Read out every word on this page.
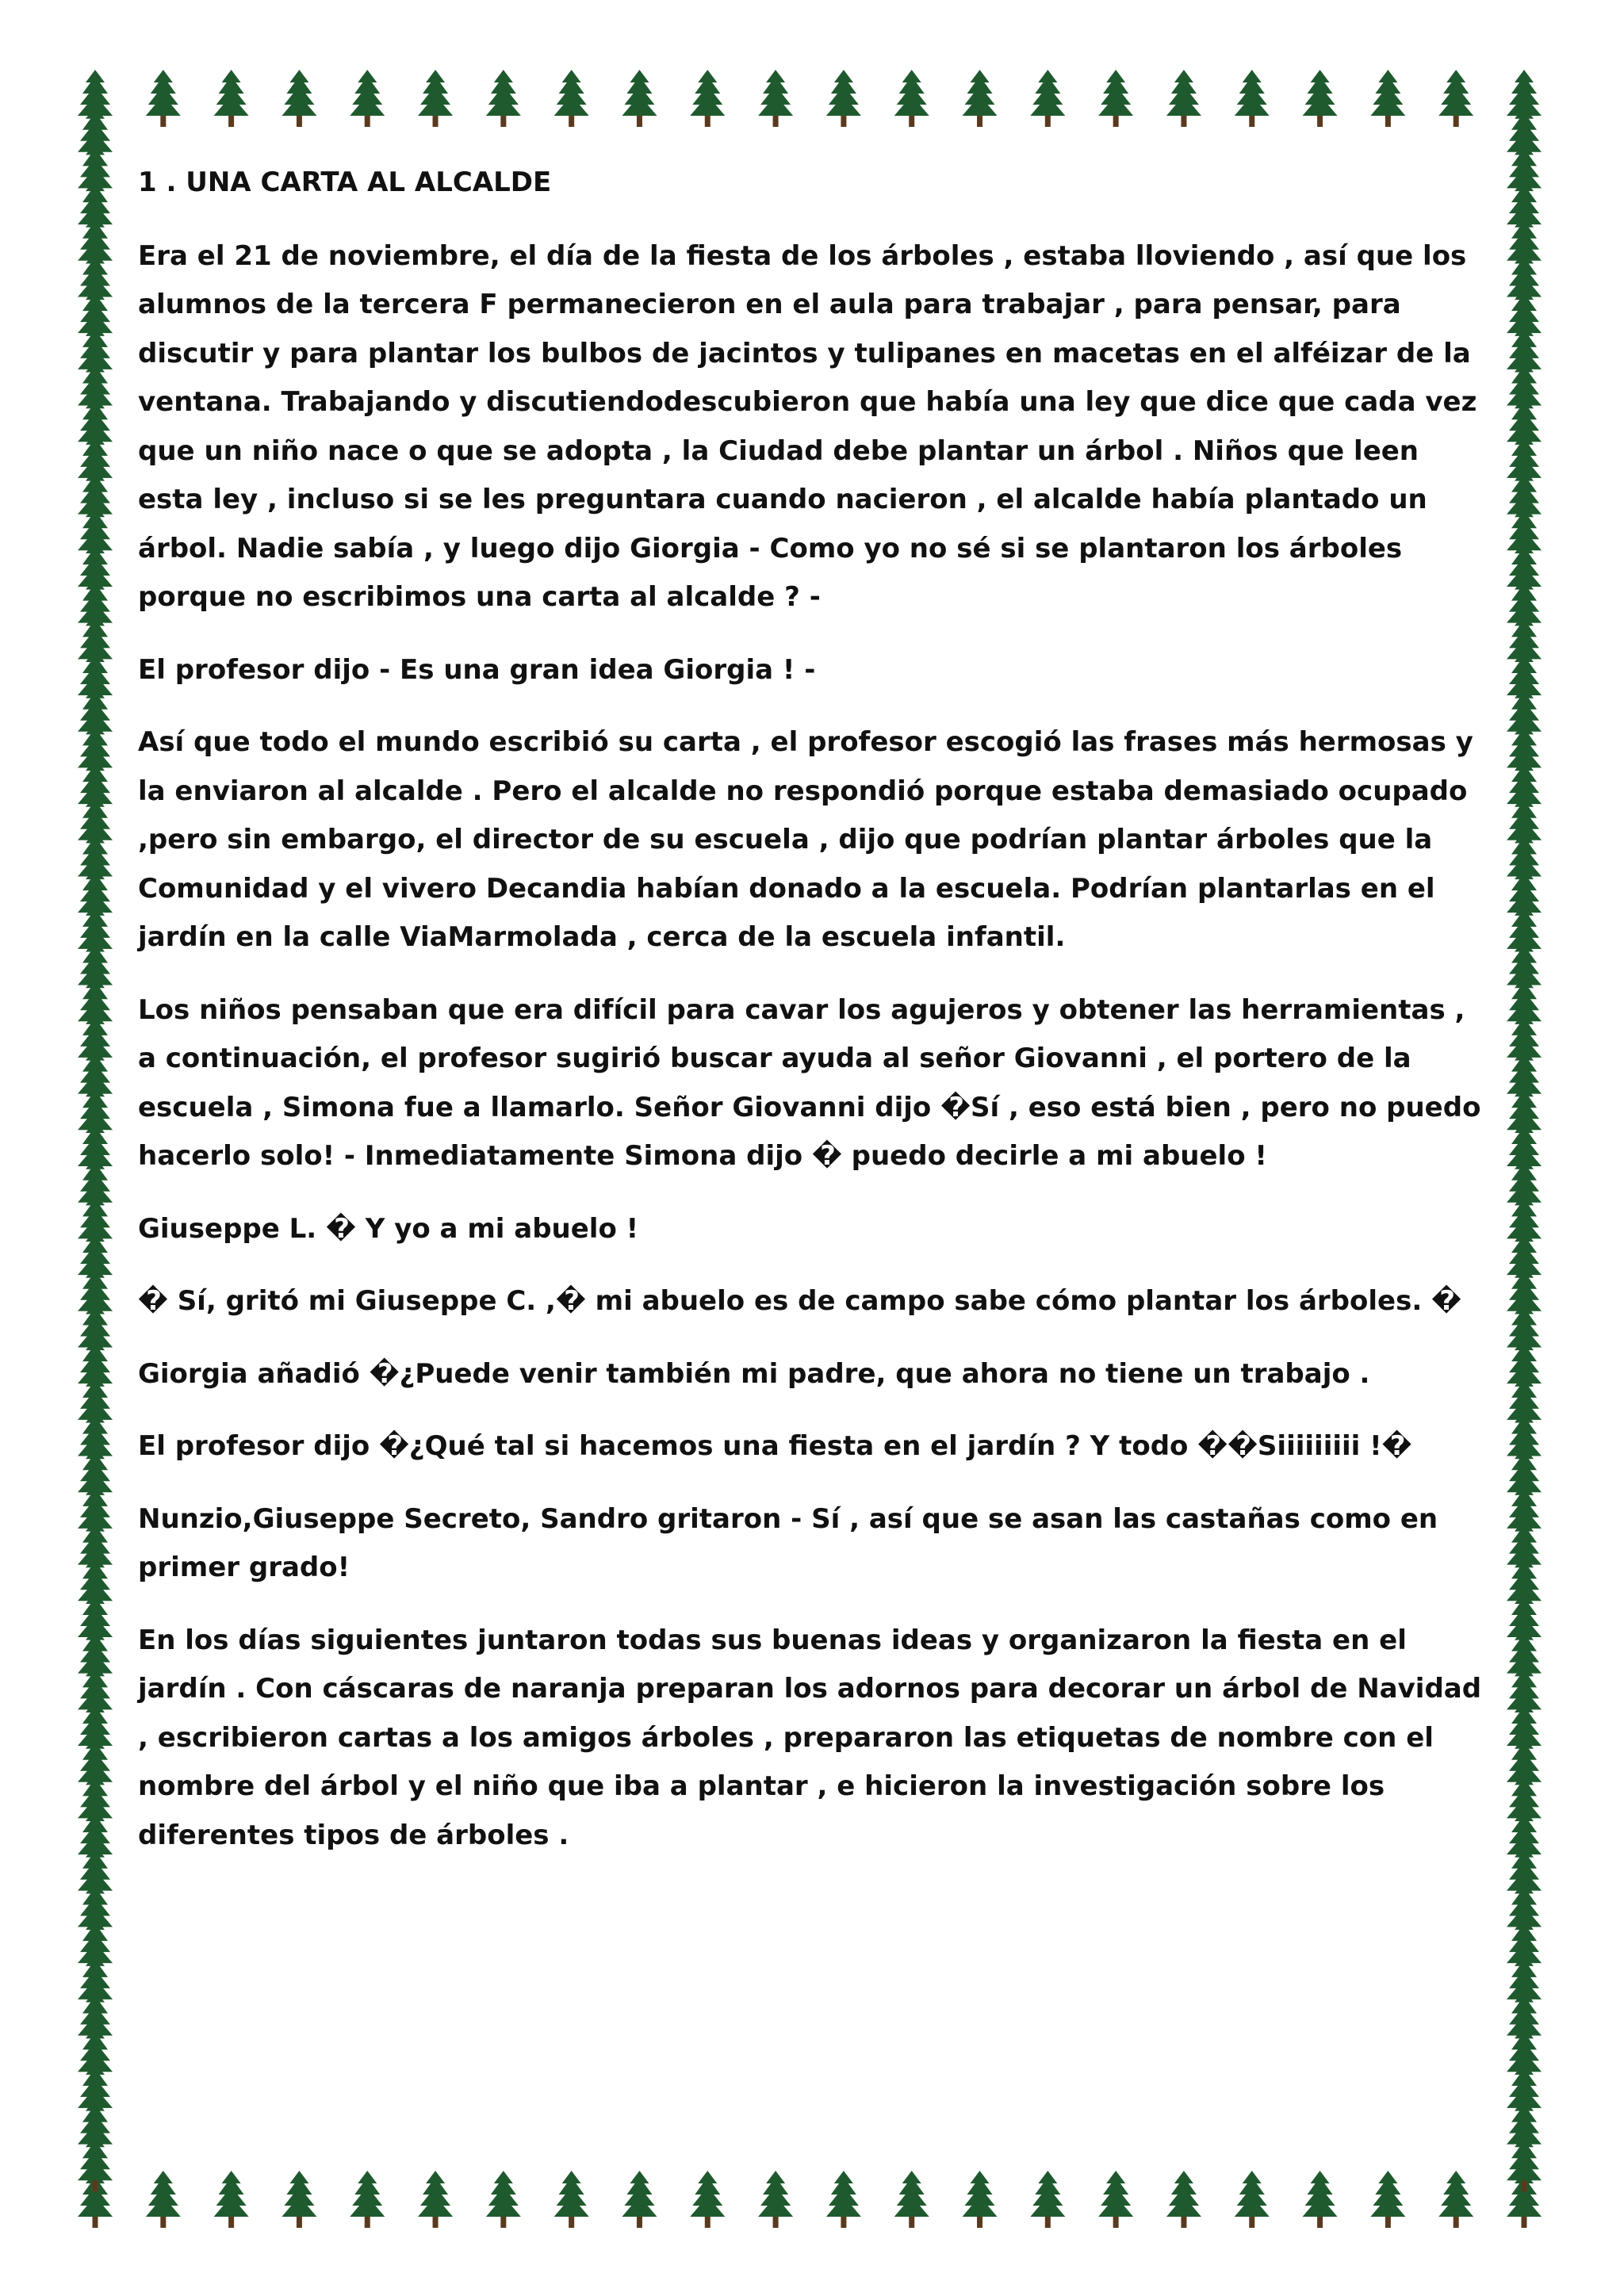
1 . UNA CARTA AL ALCALDE

Era el 21 de noviembre, el día de la fiesta de los árboles , estaba lloviendo , así que los alumnos de la tercera F permanecieron en el aula para trabajar , para pensar, para discutir y para plantar los bulbos de jacintos y tulipanes en macetas en el alféizar de la ventana. Trabajando y discutiendodescubieron que había una ley que dice que cada vez que un niño nace o que se adopta , la Ciudad debe plantar un árbol . Niños que leen esta ley , incluso si se les preguntara cuando nacieron , el alcalde había plantado un árbol. Nadie sabía , y luego dijo Giorgia - Como yo no sé si se plantaron los árboles porque no escribimos una carta al alcalde ? -

El profesor dijo - Es una gran idea Giorgia ! -

Así que todo el mundo escribió su carta , el profesor escogió las frases más hermosas y la enviaron al alcalde . Pero el alcalde no respondió porque estaba demasiado ocupado ,pero sin embargo, el director de su escuela , dijo que podrían plantar árboles que la Comunidad y el vivero Decandia habían donado a la escuela. Podrían plantarlas en el jardín en la calle ViaMarmolada , cerca de la escuela infantil.

Los niños pensaban que era difícil para cavar los agujeros y obtener las herramientas , a continuación, el profesor sugirió buscar ayuda al señor Giovanni , el portero de la escuela , Simona fue a llamarlo. Señor Giovanni dijo �Sí , eso está bien , pero no puedo hacerlo solo! - Inmediatamente Simona dijo � puedo decirle a mi abuelo !

Giuseppe L. � Y yo a mi abuelo !

� Sí, gritó mi Giuseppe C. ,� mi abuelo es de campo sabe cómo plantar los árboles. �

Giorgia añadió �¿Puede venir también mi padre, que ahora no tiene un trabajo .

El profesor dijo �¿Qué tal si hacemos una fiesta en el jardín ? Y todo ��Siiiiiiiii !�

Nunzio,Giuseppe Secreto, Sandro gritaron - Sí , así que se asan las castañas como en primer grado!

En los días siguientes juntaron todas sus buenas ideas y organizaron la fiesta en el jardín . Con cáscaras de naranja preparan los adornos para decorar un árbol de Navidad , escribieron cartas a los amigos árboles , prepararon las etiquetas de nombre con el nombre del árbol y el niño que iba a plantar , e hicieron la investigación sobre los diferentes tipos de árboles .
